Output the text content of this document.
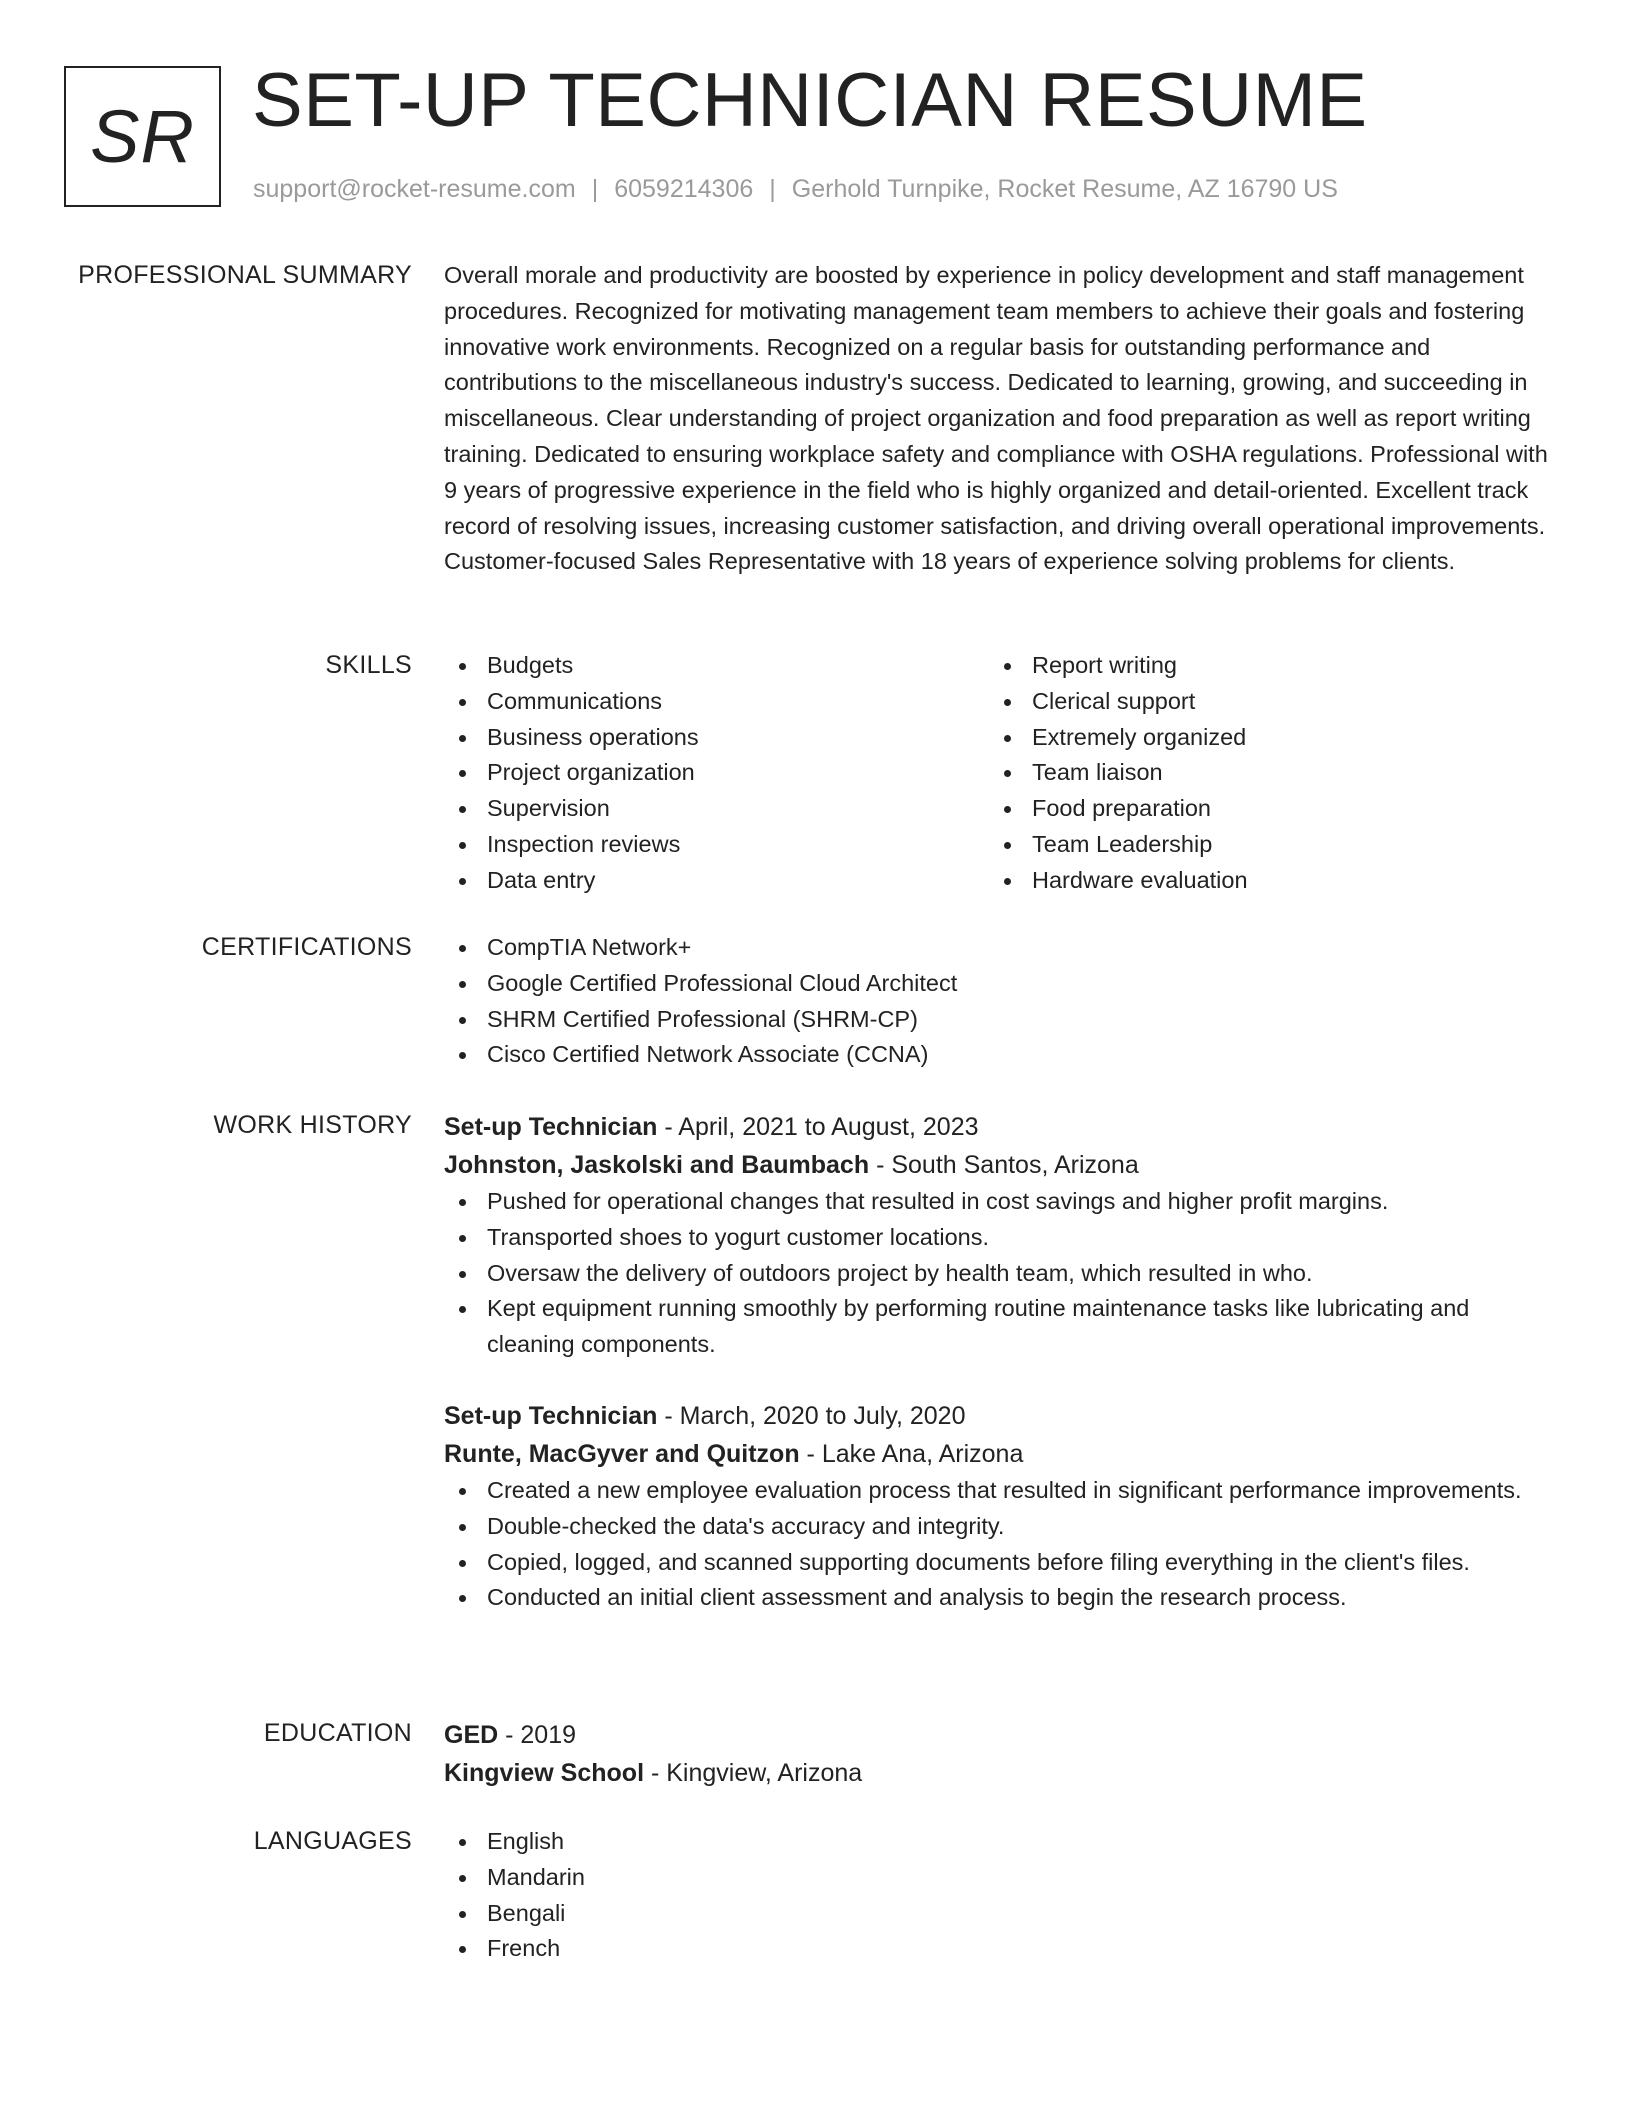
SR SET-UP TECHNICIAN RESUME
support@rocket-resume.com | 6059214306 | Gerhold Turnpike, Rocket Resume, AZ 16790 US
PROFESSIONAL SUMMARY Overall morale and productivity are boosted by experience in policy development and staff management procedures. Recognized for motivating management team members to achieve their goals and fostering innovative work environments. Recognized on a regular basis for outstanding performance and contributions to the miscellaneous industry's success. Dedicated to learning, growing, and succeeding in miscellaneous. Clear understanding of project organization and food preparation as well as report writing training. Dedicated to ensuring workplace safety and compliance with OSHA regulations. Professional with 9 years of progressive experience in the field who is highly organized and detail-oriented. Excellent track record of resolving issues, increasing customer satisfaction, and driving overall operational improvements. Customer-focused Sales Representative with 18 years of experience solving problems for clients.

SKILLS	Budgets
Communications
Business operations
Project organization
Supervision
Inspection reviews
Data entry
Report writing
Clerical support
Extremely organized
Team liaison
Food preparation
Team Leadership
Hardware evaluation
CERTIFICATIONS	CompTIA Network+
Google Certified Professional Cloud Architect
SHRM Certified Professional (SHRM-CP)
Cisco Certified Network Associate (CCNA)
WORK HISTORY Set-up Technician - April, 2021 to August, 2023
Johnston, Jaskolski and Baumbach - South Santos, Arizona
Pushed for operational changes that resulted in cost savings and higher profit margins.
Transported shoes to yogurt customer locations.
Oversaw the delivery of outdoors project by health team, which resulted in who.
Kept equipment running smoothly by performing routine maintenance tasks like lubricating and cleaning components.
Set-up Technician - March, 2020 to July, 2020
Runte, MacGyver and Quitzon - Lake Ana, Arizona
Created a new employee evaluation process that resulted in significant performance improvements.
Double-checked the data's accuracy and integrity.
Copied, logged, and scanned supporting documents before filing everything in the client's files.
Conducted an initial client assessment and analysis to begin the research process.
EDUCATION GED - 2019
Kingview School - Kingview, Arizona
LANGUAGES	English
Mandarin
Bengali
French
